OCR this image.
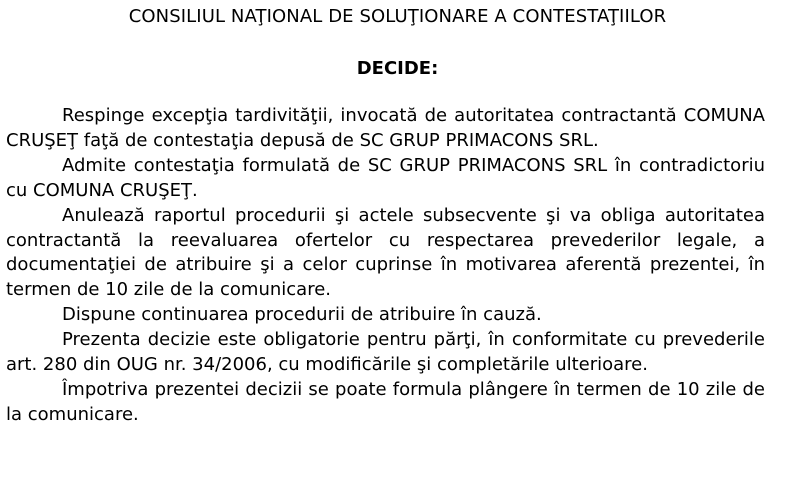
CONSILIUL NAŢIONAL DE SOLUŢIONARE A CONTESTAŢIILOR
DECIDE:

Respinge excepţia tardivităţii, invocată de autoritatea contractantă COMUNA CRUŞEŢ faţă de contestaţia depusă de SC GRUP PRIMACONS SRL.

Admite contestaţia formulată de SC GRUP PRIMACONS SRL în contradictoriu cu COMUNA CRUŞEŢ.

Anulează raportul procedurii şi actele subsecvente şi va obliga autoritatea contractantă la reevaluarea ofertelor cu respectarea prevederilor legale, a documentaţiei de atribuire şi a celor cuprinse în motivarea aferentă prezentei, în termen de 10 zile de la comunicare.

Dispune continuarea procedurii de atribuire în cauză.

Prezenta decizie este obligatorie pentru părţi, în conformitate cu prevederile art. 280 din OUG nr. 34/2006, cu modificările şi completările ulterioare.

Împotriva prezentei decizii se poate formula plângere în termen de 10 zile de la comunicare.
